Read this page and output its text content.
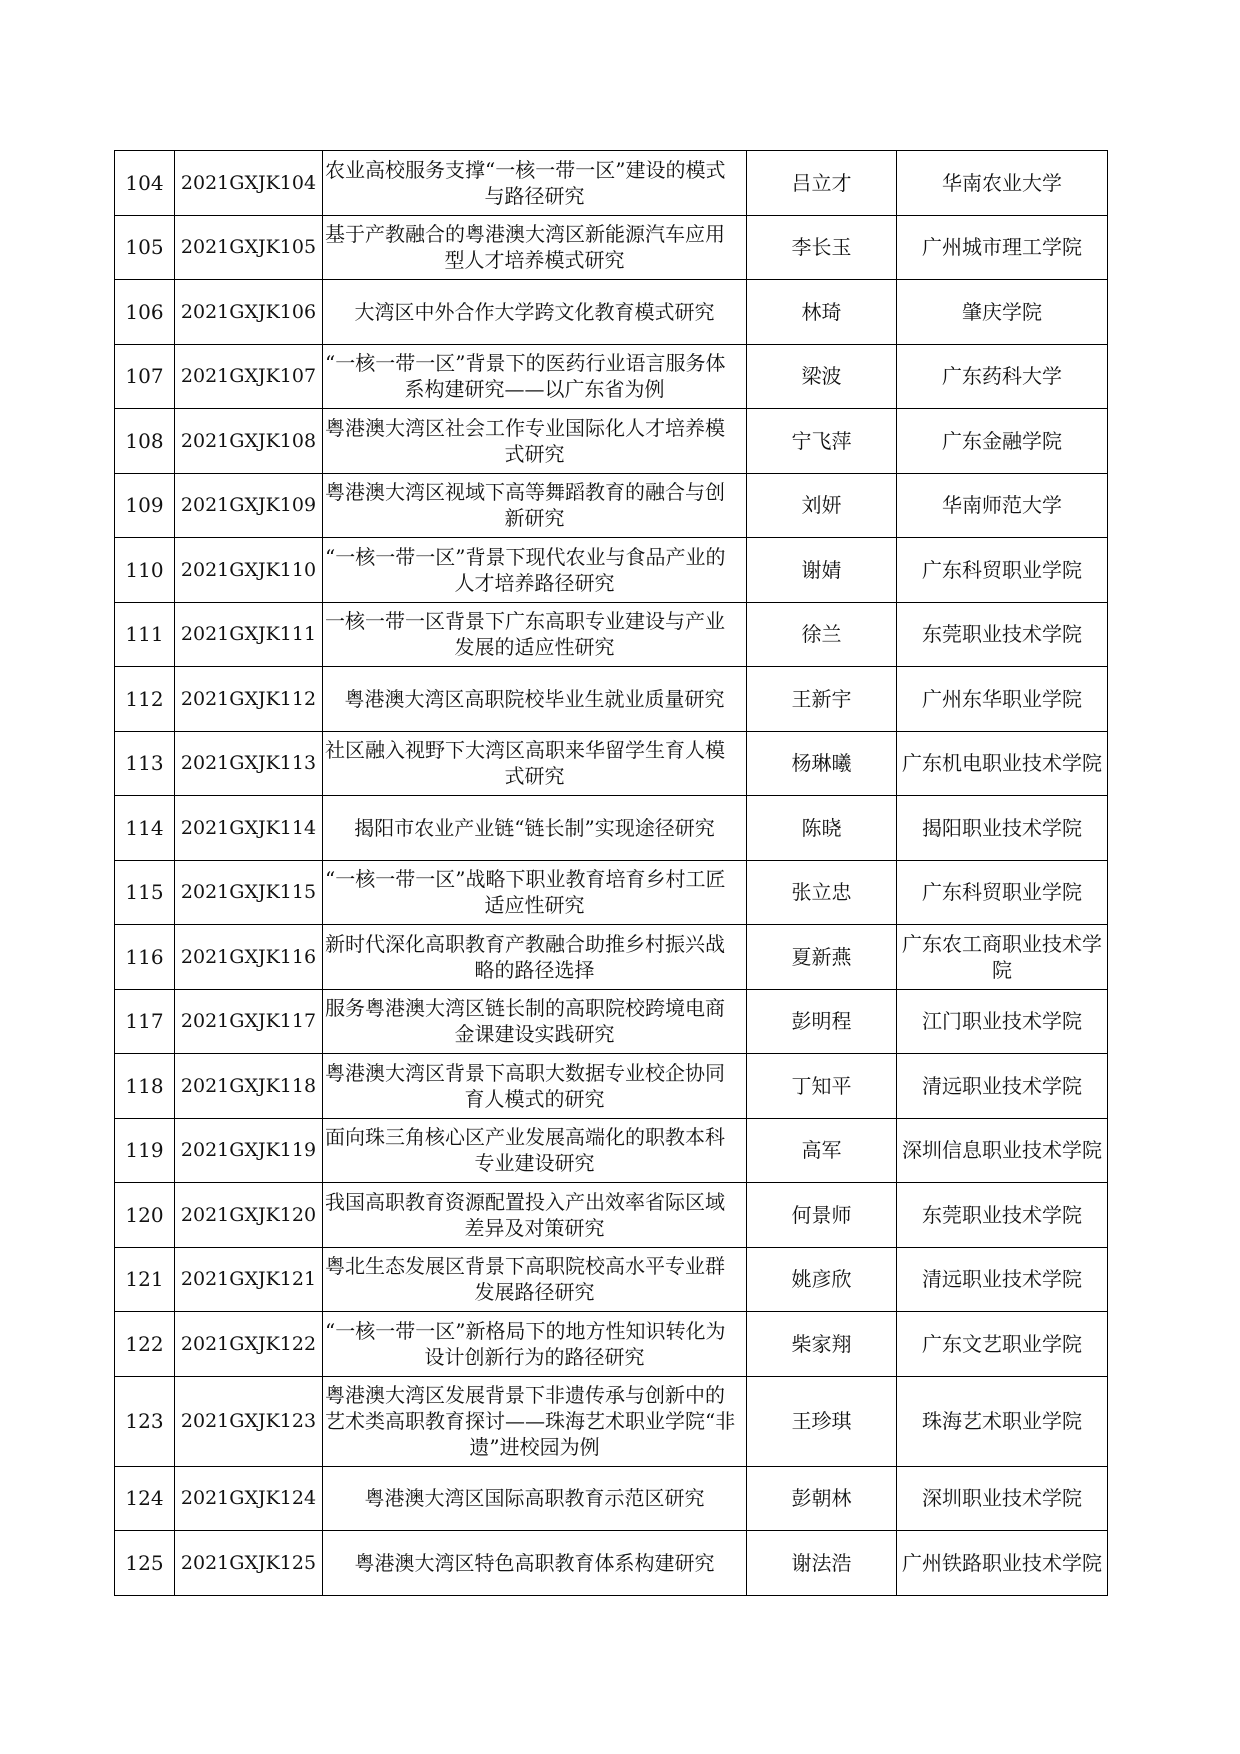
104	2021GXJK104	农业高校服务支撑“一核一带一区”建设的模式与路径研究	吕立才	华南农业大学
105	2021GXJK105	基于产教融合的粤港澳大湾区新能源汽车应用型人才培养模式研究	李长玉	广州城市理工学院
106	2021GXJK106	大湾区中外合作大学跨文化教育模式研究	林琦	肇庆学院
107	2021GXJK107	“一核一带一区”背景下的医药行业语言服务体系构建研究——以广东省为例	梁波	广东药科大学
108	2021GXJK108	粤港澳大湾区社会工作专业国际化人才培养模式研究	宁飞萍	广东金融学院
109	2021GXJK109	粤港澳大湾区视域下高等舞蹈教育的融合与创新研究	刘妍	华南师范大学
110	2021GXJK110	“一核一带一区”背景下现代农业与食品产业的人才培养路径研究	谢婧	广东科贸职业学院
111	2021GXJK111	一核一带一区背景下广东高职专业建设与产业发展的适应性研究	徐兰	东莞职业技术学院
112	2021GXJK112	粤港澳大湾区高职院校毕业生就业质量研究	王新宇	广州东华职业学院
113	2021GXJK113	社区融入视野下大湾区高职来华留学生育人模式研究	杨琳曦	广东机电职业技术学院
114	2021GXJK114	揭阳市农业产业链“链长制”实现途径研究	陈晓	揭阳职业技术学院
115	2021GXJK115	“一核一带一区”战略下职业教育培育乡村工匠适应性研究	张立忠	广东科贸职业学院
116	2021GXJK116	新时代深化高职教育产教融合助推乡村振兴战略的路径选择	夏新燕	广东农工商职业技术学院
117	2021GXJK117	服务粤港澳大湾区链长制的高职院校跨境电商金课建设实践研究	彭明程	江门职业技术学院
118	2021GXJK118	粤港澳大湾区背景下高职大数据专业校企协同育人模式的研究	丁知平	清远职业技术学院
119	2021GXJK119	面向珠三角核心区产业发展高端化的职教本科专业建设研究	高军	深圳信息职业技术学院
120	2021GXJK120	我国高职教育资源配置投入产出效率省际区域差异及对策研究	何景师	东莞职业技术学院
121	2021GXJK121	粤北生态发展区背景下高职院校高水平专业群发展路径研究	姚彦欣	清远职业技术学院
122	2021GXJK122	“一核一带一区”新格局下的地方性知识转化为设计创新行为的路径研究	柴家翔	广东文艺职业学院
123	2021GXJK123	粤港澳大湾区发展背景下非遗传承与创新中的艺术类高职教育探讨——珠海艺术职业学院“非遗”进校园为例	王珍琪	珠海艺术职业学院
124	2021GXJK124	粤港澳大湾区国际高职教育示范区研究	彭朝林	深圳职业技术学院
125	2021GXJK125	粤港澳大湾区特色高职教育体系构建研究	谢法浩	广州铁路职业技术学院
